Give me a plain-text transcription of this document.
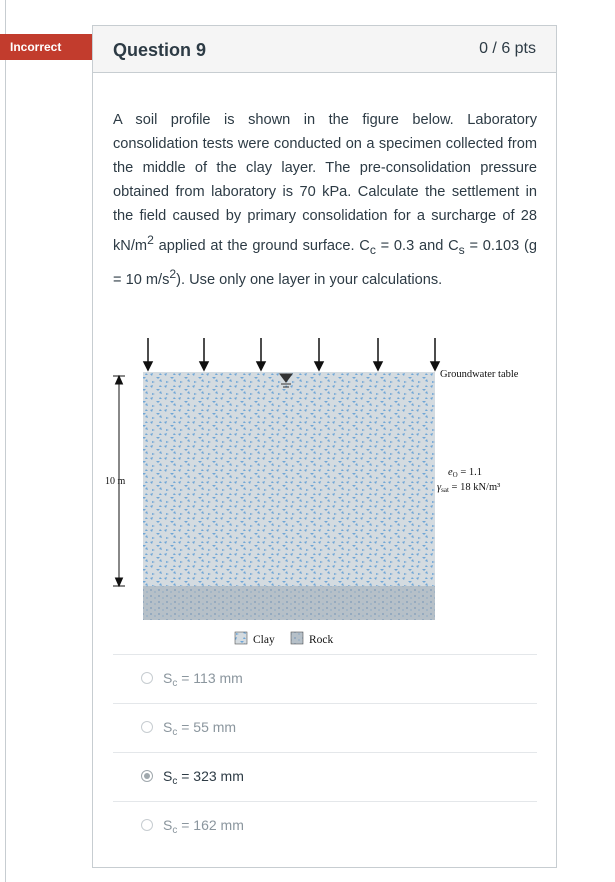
Incorrect	Question 9	0 / 6 pts
A soil profile is shown in the figure below. Laboratory consolidation tests were conducted on a specimen collected from the middle of the clay layer. The pre-consolidation pressure obtained from laboratory is 70 kPa. Calculate the settlement in the field caused by primary consolidation for a surcharge of 28 $kN/m^2$ applied at the ground surface. $C_c = 0.3$ and $C_s = 0.103$ (g = 10 $m/s^2$). Use only one layer in your calculations.
10 m
Groundwater table
eO = 1.1
γsat = 18 kN/m³
Clay	Rock
$S_c = 113$ mm
$S_c = 55$ mm
$S_c = 323$ mm
$S_c = 162$ mm
